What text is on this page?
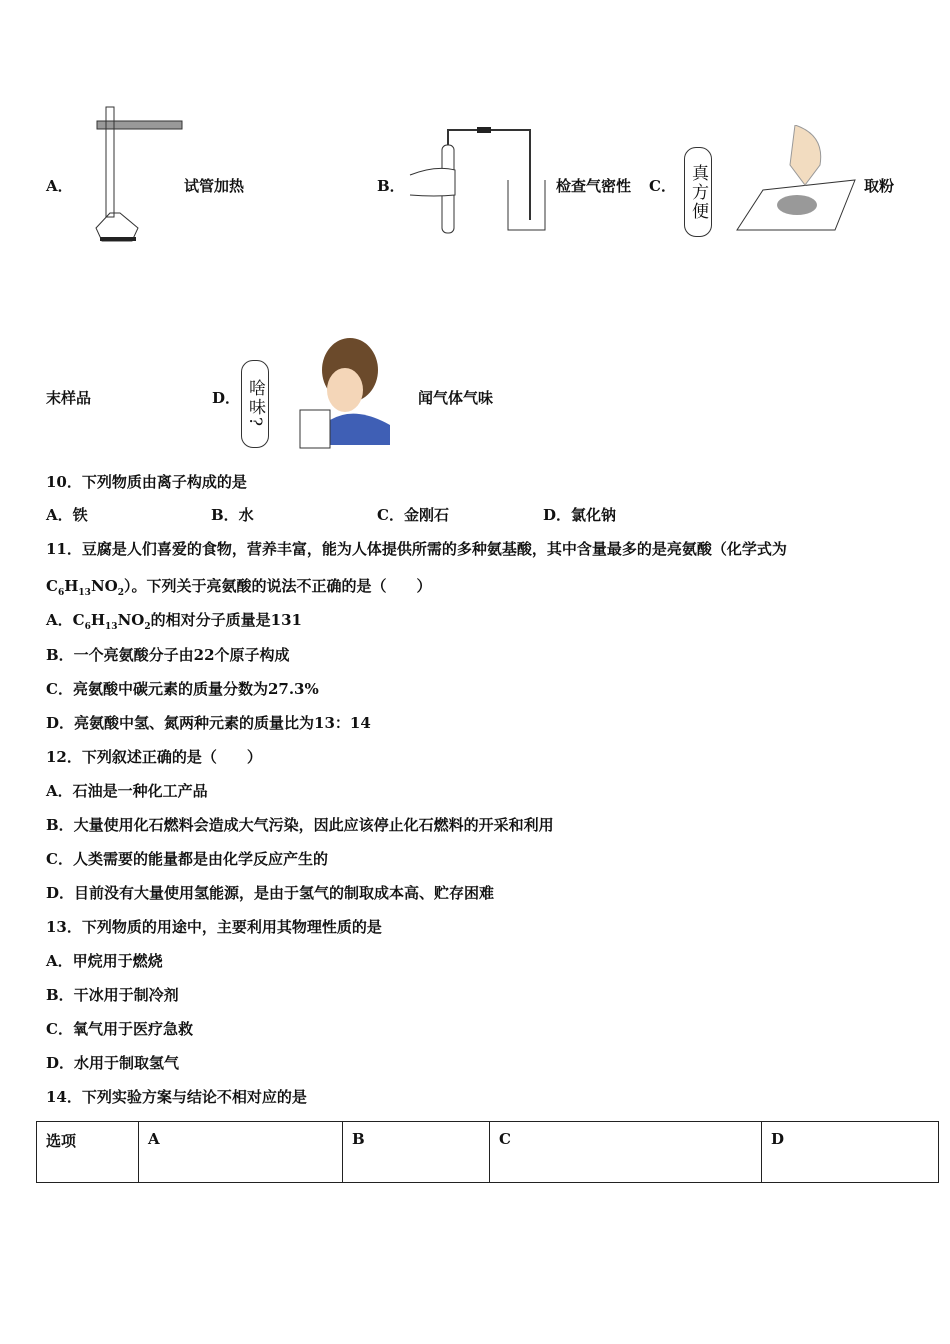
A．	试管加热	B．	检查气密性 C． 真方便	取粉
末样品	D． 啥味?	闻气体气味
10．下列物质由离子构成的是
A．铁	B．水	C．金刚石	D．氯化钠
11．豆腐是人们喜爱的食物，营养丰富，能为人体提供所需的多种氨基酸，其中含量最多的是亮氨酸（化学式为
$C_6H_{13}NO_2$）。下列关于亮氨酸的说法不正确的是（　　）
A．$C_6H_{13}NO_2$的相对分子质量是131
B．一个亮氨酸分子由22个原子构成
C．亮氨酸中碳元素的质量分数为27.3%
D．亮氨酸中氢、氮两种元素的质量比为13：14
12．下列叙述正确的是（　　）
A．石油是一种化工产品
B．大量使用化石燃料会造成大气污染，因此应该停止化石燃料的开采和利用
C．人类需要的能量都是由化学反应产生的
D．目前没有大量使用氢能源，是由于氢气的制取成本高、贮存困难
13．下列物质的用途中，主要利用其物理性质的是
A．甲烷用于燃烧
B．干冰用于制冷剂
C．氧气用于医疗急救
D．水用于制取氢气
14．下列实验方案与结论不相对应的是
选项	A	B	C	D
